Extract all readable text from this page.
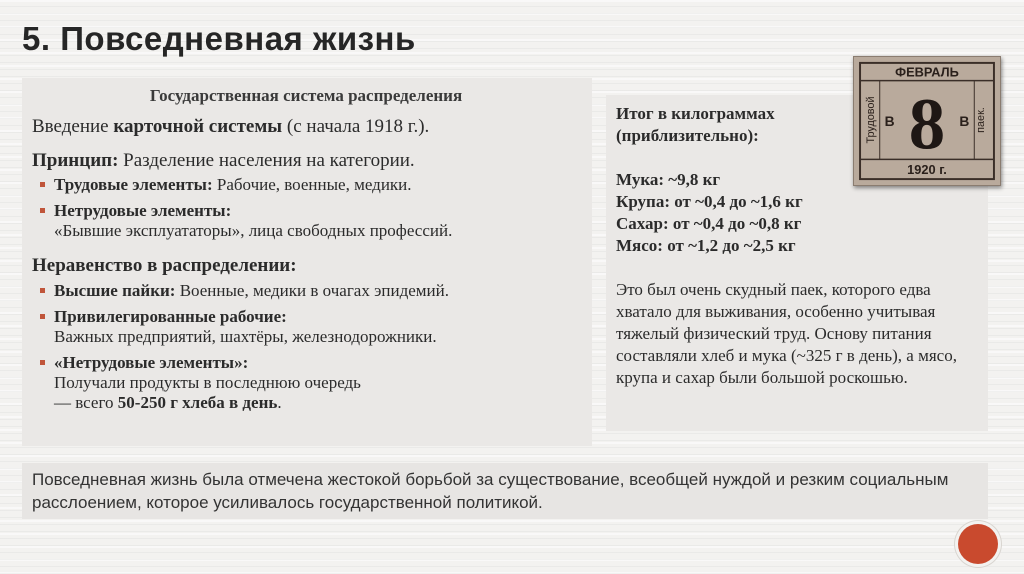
5. Повседневная жизнь

Государственная система распределения

Введение карточной системы (с начала 1918 г.).

Принцип: Разделение населения на категории.

Трудовые элементы: Рабочие, военные, медики.
Нетрудовые элементы:
«Бывшие эксплуататоры», лица свободных профессий.

Неравенство в распределении:

Высшие пайки: Военные, медики в очагах эпидемий.
Привилегированные рабочие:
Важных предприятий, шахтёры, железнодорожники.
«Нетрудовые элементы»:
Получали продукты в последнюю очередь
— всего 50-250 г хлеба в день.

Итог в килограммах (приблизительно):

Мука: ~9,8 кг
Крупа: от ~0,4 до ~1,6 кг
Сахар: от ~0,4 до ~0,8 кг
Мясо: от ~1,2 до ~2,5 кг

Это был очень скудный паек, которого едва хватало для выживания, особенно учитывая тяжелый физический труд. Основу питания составляли хлеб и мука (~325 г в день), а мясо, крупа и сахар были большой роскошью.

ФЕВРАЛЬ
8
В	В
Трудовой	паек.
1920 г.
Повседневная жизнь была отмечена жестокой борьбой за существование, всеобщей нуждой и резким социальным расслоением, которое усиливалось государственной политикой.
